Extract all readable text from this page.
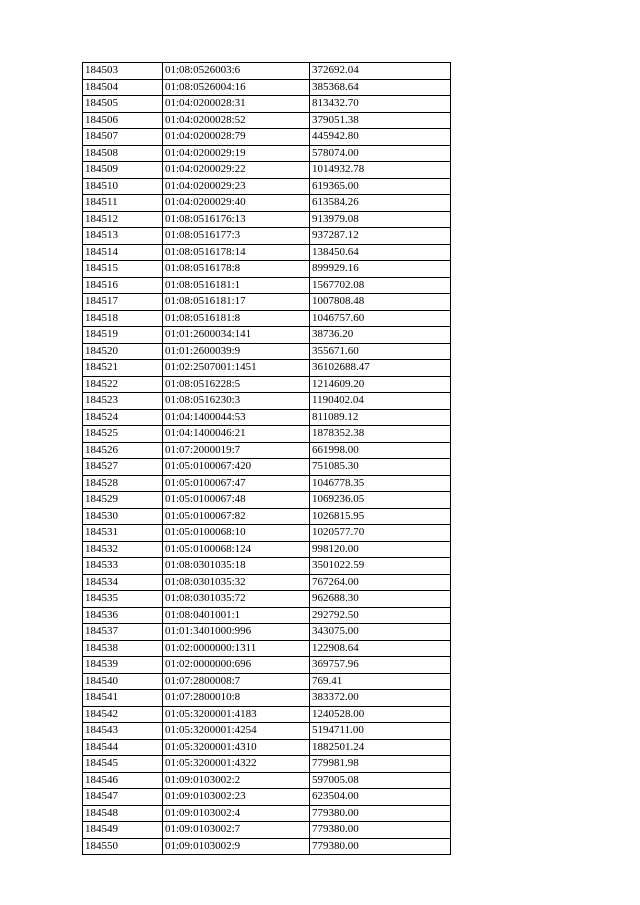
184503	01:08:0526003:6	372692.04
184504	01:08:0526004:16	385368.64
184505	01:04:0200028:31	813432.70
184506	01:04:0200028:52	379051.38
184507	01:04:0200028:79	445942.80
184508	01:04:0200029:19	578074.00
184509	01:04:0200029:22	1014932.78
184510	01:04:0200029:23	619365.00
184511	01:04:0200029:40	613584.26
184512	01:08:0516176:13	913979.08
184513	01:08:0516177:3	937287.12
184514	01:08:0516178:14	138450.64
184515	01:08:0516178:8	899929.16
184516	01:08:0516181:1	1567702.08
184517	01:08:0516181:17	1007808.48
184518	01:08:0516181:8	1046757.60
184519	01:01:2600034:141	38736.20
184520	01:01:2600039:9	355671.60
184521	01:02:2507001:1451	36102688.47
184522	01:08:0516228:5	1214609.20
184523	01:08:0516230:3	1190402.04
184524	01:04:1400044:53	811089.12
184525	01:04:1400046:21	1878352.38
184526	01:07:2000019:7	661998.00
184527	01:05:0100067:420	751085.30
184528	01:05:0100067:47	1046778.35
184529	01:05:0100067:48	1069236.05
184530	01:05:0100067:82	1026815.95
184531	01:05:0100068:10	1020577.70
184532	01:05:0100068:124	998120.00
184533	01:08:0301035:18	3501022.59
184534	01:08:0301035:32	767264.00
184535	01:08:0301035:72	962688.30
184536	01:08:0401001:1	292792.50
184537	01:01:3401000:996	343075.00
184538	01:02:0000000:1311	122908.64
184539	01:02:0000000:696	369757.96
184540	01:07:2800008:7	769.41
184541	01:07:2800010:8	383372.00
184542	01:05:3200001:4183	1240528.00
184543	01:05:3200001:4254	5194711.00
184544	01:05:3200001:4310	1882501.24
184545	01:05:3200001:4322	779981.98
184546	01:09:0103002:2	597005.08
184547	01:09:0103002:23	623504.00
184548	01:09:0103002:4	779380.00
184549	01:09:0103002:7	779380.00
184550	01:09:0103002:9	779380.00
